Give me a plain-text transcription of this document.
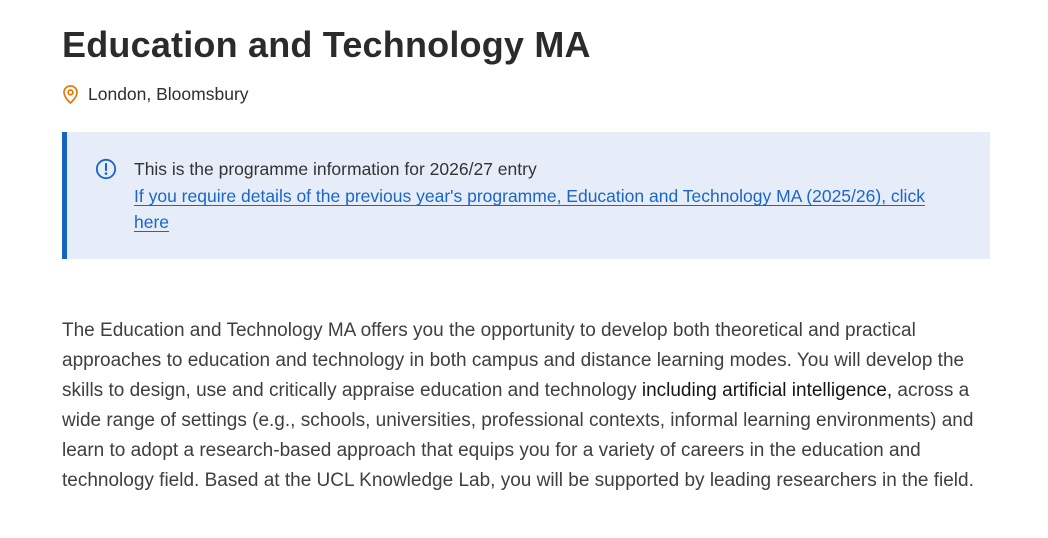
Education and Technology MA
London, Bloomsbury
This is the programme information for 2026/27 entry
If you require details of the previous year's programme, Education and Technology MA (2025/26), click here

The Education and Technology MA offers you the opportunity to develop both theoretical and practical approaches to education and technology in both campus and distance learning modes. You will develop the skills to design, use and critically appraise education and technology including artificial intelligence, across a wide range of settings (e.g., schools, universities, professional contexts, informal learning environments) and learn to adopt a research-based approach that equips you for a variety of careers in the education and technology field. Based at the UCL Knowledge Lab, you will be supported by leading researchers in the field.
